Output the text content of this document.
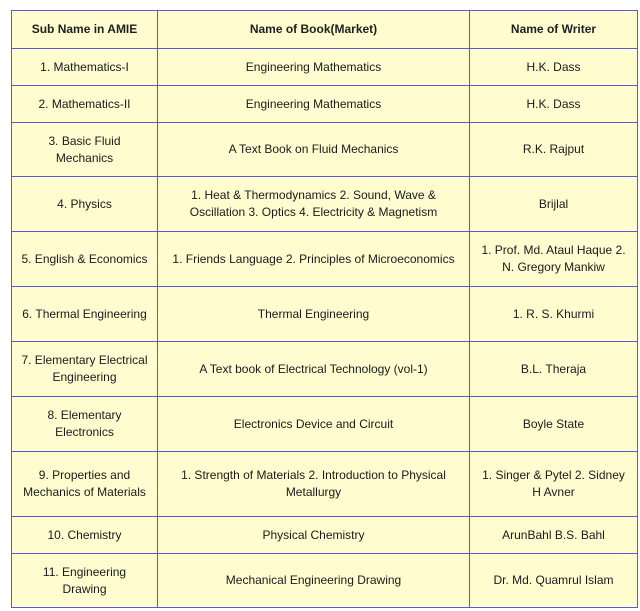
Sub Name in AMIE	Name of Book(Market)	Name of Writer
1. Mathematics-I	Engineering Mathematics	H.K. Dass
2. Mathematics-II	Engineering Mathematics	H.K. Dass
3. Basic Fluid Mechanics	A Text Book on Fluid Mechanics	R.K. Rajput
4. Physics	1. Heat & Thermodynamics 2. Sound, Wave & Oscillation 3. Optics 4. Electricity & Magnetism	Brijlal
5. English & Economics	1. Friends Language 2. Principles of Microeconomics	1. Prof. Md. Ataul Haque 2. N. Gregory Mankiw
6. Thermal Engineering	Thermal Engineering	1. R. S. Khurmi
7. Elementary Electrical Engineering	A Text book of Electrical Technology (vol-1)	B.L. Theraja
8. Elementary Electronics	Electronics Device and Circuit	Boyle State
9. Properties and Mechanics of Materials	1. Strength of Materials 2. Introduction to Physical Metallurgy	1. Singer & Pytel 2. Sidney H Avner
10. Chemistry	Physical Chemistry	ArunBahl B.S. Bahl
11. Engineering Drawing	Mechanical Engineering Drawing	Dr. Md. Quamrul Islam
